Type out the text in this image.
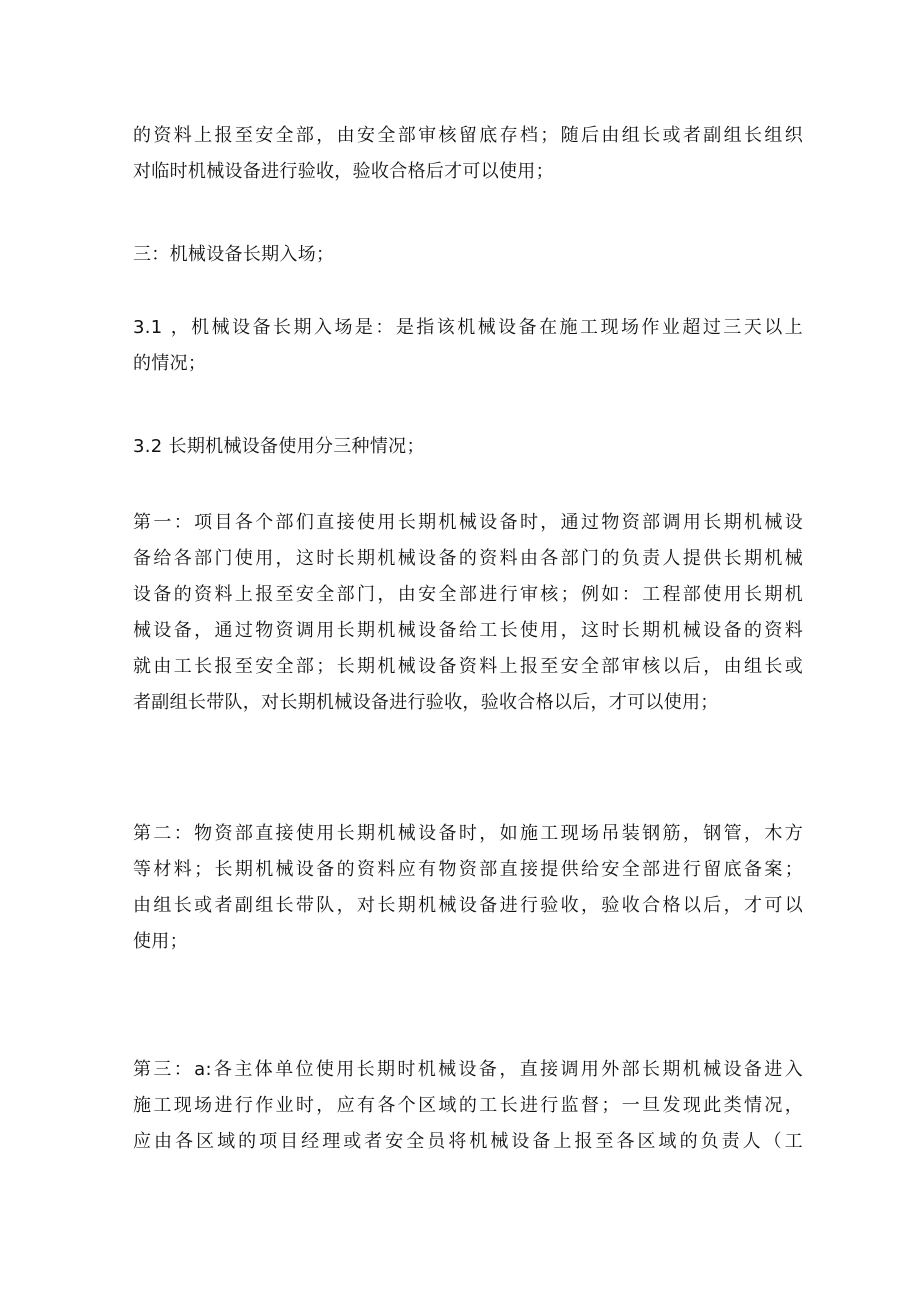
的资料上报至安全部，由安全部审核留底存档；随后由组长或者副组长组织
对临时机械设备进行验收，验收合格后才可以使用；
三：机械设备长期入场；
3.1 ，机械设备长期入场是：是指该机械设备在施工现场作业超过三天以上
的情况；
3.2 长期机械设备使用分三种情况；
第一：项目各个部们直接使用长期机械设备时，通过物资部调用长期机械设
备给各部门使用，这时长期机械设备的资料由各部门的负责人提供长期机械
设备的资料上报至安全部门，由安全部进行审核；例如：工程部使用长期机
械设备，通过物资调用长期机械设备给工长使用，这时长期机械设备的资料
就由工长报至安全部；长期机械设备资料上报至安全部审核以后，由组长或
者副组长带队，对长期机械设备进行验收，验收合格以后，才可以使用；
第二：物资部直接使用长期机械设备时，如施工现场吊装钢筋，钢管，木方
等材料；长期机械设备的资料应有物资部直接提供给安全部进行留底备案；
由组长或者副组长带队，对长期机械设备进行验收，验收合格以后，才可以
使用；
第三：a:各主体单位使用长期时机械设备，直接调用外部长期机械设备进入
施工现场进行作业时，应有各个区域的工长进行监督；一旦发现此类情况，
应由各区域的项目经理或者安全员将机械设备上报至各区域的负责人（工
